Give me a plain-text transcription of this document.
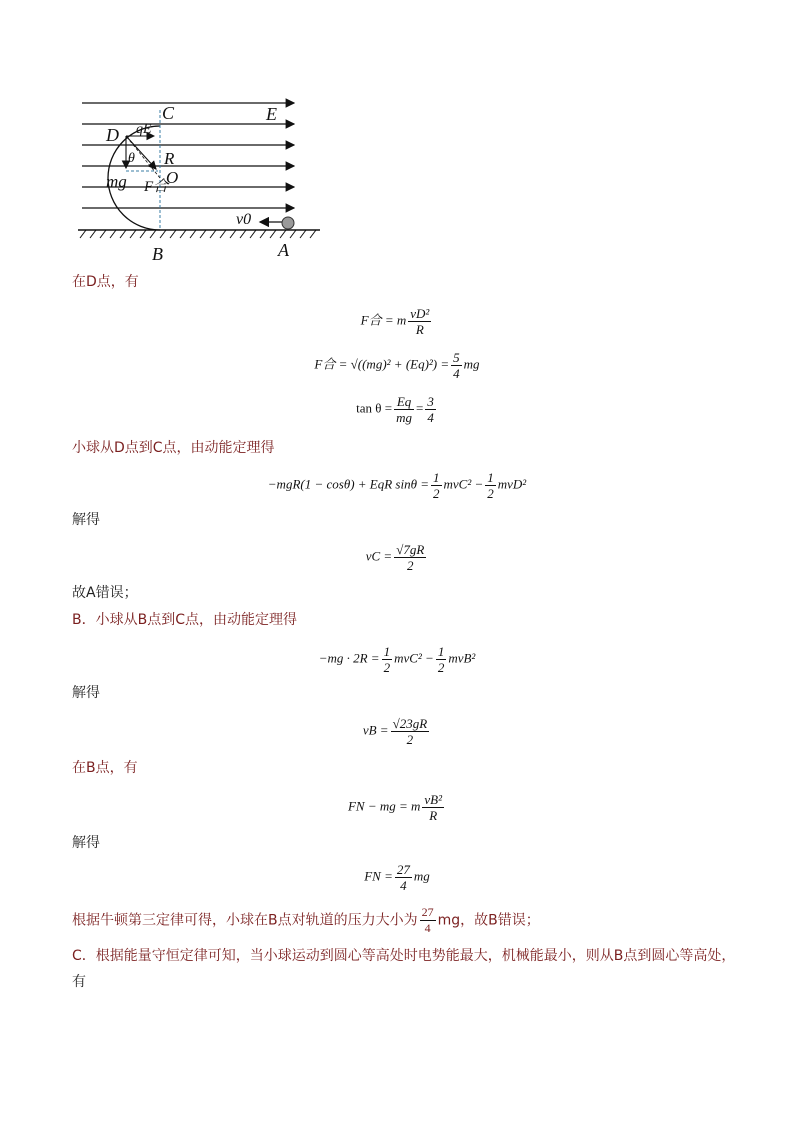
C	E
D qE
θ R
O
mg F合
v0
B	A
在D点，有
F合 = m $\frac{\text{vD²}}{R}$
F合 = $√((mg)^2 + (Eq)^2) = \frac{5}{4}$ mg
$\tan \theta = \frac{Eq}{mg} = \frac{3}{4}$
小球从D点到C点，由动能定理得
−mgR(1 − cosθ) + EqR $\sin\theta = \frac{1}{2} mvC^2 - \frac{1}{2} mvD^2$
解得
vC = $\frac{√7gR}{2}$
故A错误；
B．小球从B点到C点，由动能定理得
$-mg \cdot 2R = \frac{1}{2} mvC^2 - \frac{1}{2} mvB^2$
解得
vB = $\frac{√23gR}{2}$
在B点，有
FN − mg = m $\frac{\text{vB²}}{R}$
解得
FN = $\frac{27}{4}$ mg
根据牛顿第三定律可得，小球在B点对轨道的压力大小为 $\frac{27}{4}$ mg，故B错误；
C．根据能量守恒定律可知，当小球运动到圆心等高处时电势能最大，机械能最小，则从B点到圆心等高处，
有
